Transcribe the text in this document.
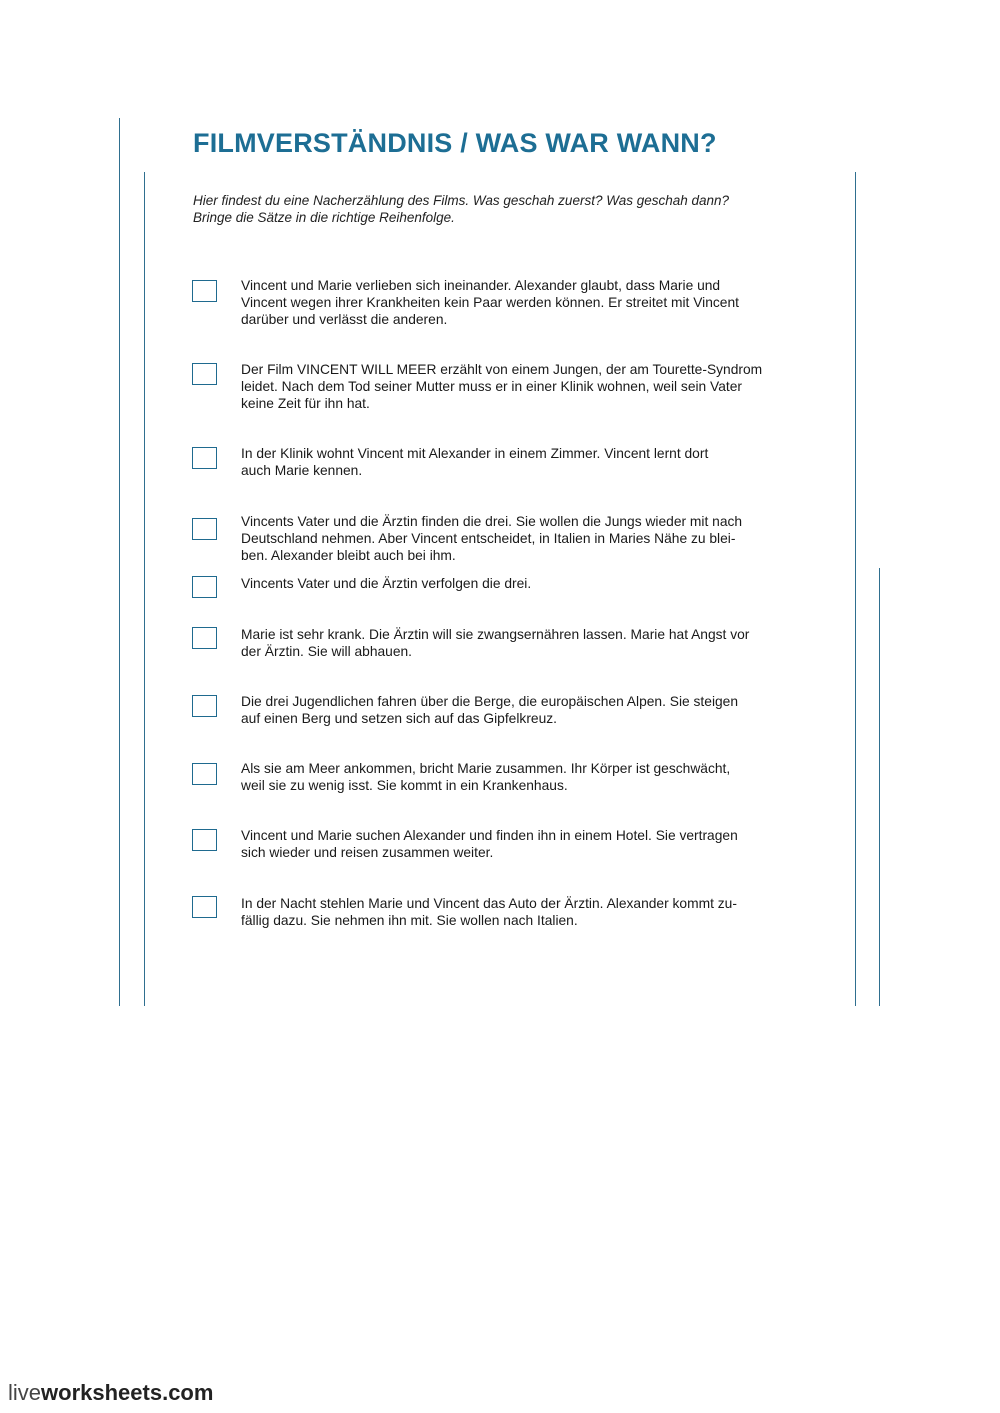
FILMVERSTÄNDNIS / WAS WAR WANN?
Hier findest du eine Nacherzählung des Films. Was geschah zuerst? Was geschah dann?
Bringe die Sätze in die richtige Reihenfolge.
Vincent und Marie verlieben sich ineinander. Alexander glaubt, dass Marie und
Vincent wegen ihrer Krankheiten kein Paar werden können. Er streitet mit Vincent
darüber und verlässt die anderen.
Der Film VINCENT WILL MEER erzählt von einem Jungen, der am Tourette-Syndrom
leidet. Nach dem Tod seiner Mutter muss er in einer Klinik wohnen, weil sein Vater
keine Zeit für ihn hat.
In der Klinik wohnt Vincent mit Alexander in einem Zimmer. Vincent lernt dort
auch Marie kennen.
Vincents Vater und die Ärztin finden die drei. Sie wollen die Jungs wieder mit nach
Deutschland nehmen. Aber Vincent entscheidet, in Italien in Maries Nähe zu blei-
ben. Alexander bleibt auch bei ihm.
Vincents Vater und die Ärztin verfolgen die drei.
Marie ist sehr krank. Die Ärztin will sie zwangsernähren lassen. Marie hat Angst vor
der Ärztin. Sie will abhauen.
Die drei Jugendlichen fahren über die Berge, die europäischen Alpen. Sie steigen
auf einen Berg und setzen sich auf das Gipfelkreuz.
Als sie am Meer ankommen, bricht Marie zusammen. Ihr Körper ist geschwächt,
weil sie zu wenig isst. Sie kommt in ein Krankenhaus.
Vincent und Marie suchen Alexander und finden ihn in einem Hotel. Sie vertragen
sich wieder und reisen zusammen weiter.
In der Nacht stehlen Marie und Vincent das Auto der Ärztin. Alexander kommt zu-
fällig dazu. Sie nehmen ihn mit. Sie wollen nach Italien.
liveworksheets.com
